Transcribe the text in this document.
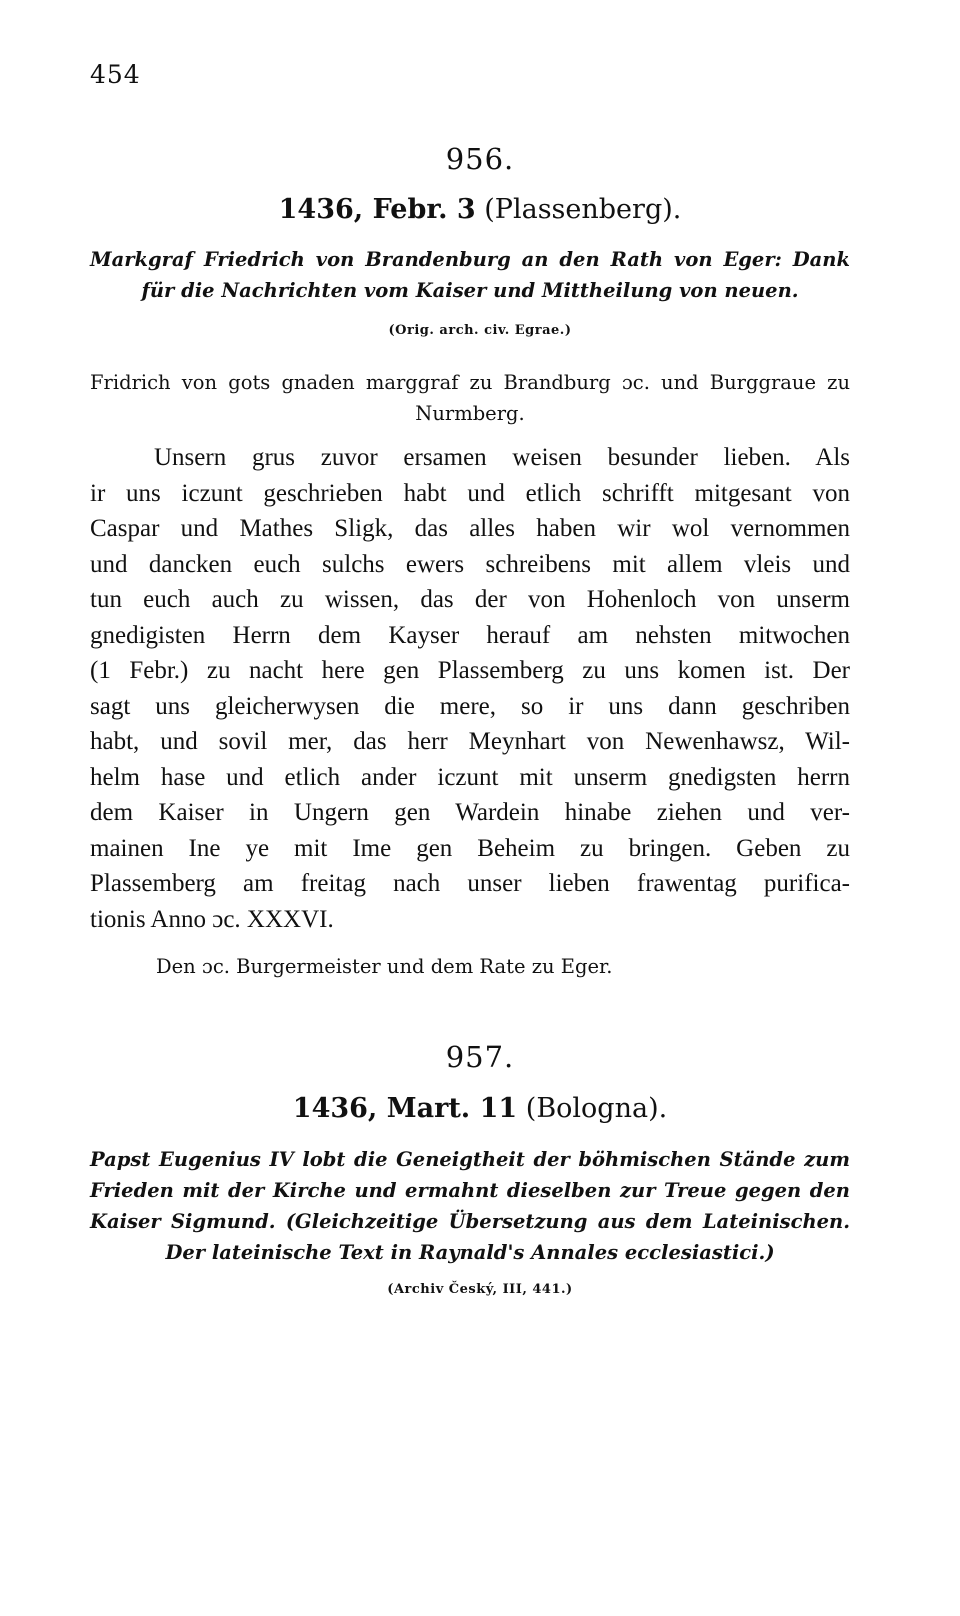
454
956.
1436, Febr. 3 (Plassenberg).
Markgraf Friedrich von Brandenburg an den Rath von Eger: Dank für die Nachrichten vom Kaiser und Mittheilung von neuen.
(Orig. arch. civ. Egrae.)
Fridrich von gots gnaden marggraf zu Brandburg ɔc. und Burggraue zu Nurmberg.
Unsern grus zuvor ersamen weisen besunder lieben. Als
ir uns iczunt geschrieben habt und etlich schrifft mitgesant von
Caspar und Mathes Sligk, das alles haben wir wol vernommen
und dancken euch sulchs ewers schreibens mit allem vleis und
tun euch auch zu wissen, das der von Hohenloch von unserm
gnedigisten Herrn dem Kayser herauf am nehsten mitwochen
(1 Febr.) zu nacht here gen Plassemberg zu uns komen ist. Der
sagt uns gleicherwysen die mere, so ir uns dann geschriben
habt, und sovil mer, das herr Meynhart von Newenhawsz, Wil-
helm hase und etlich ander iczunt mit unserm gnedigsten herrn
dem Kaiser in Ungern gen Wardein hinabe ziehen und ver-
mainen Ine ye mit Ime gen Beheim zu bringen. Geben zu
Plassemberg am freitag nach unser lieben frawentag purifica-
tionis Anno ɔc. XXXVI.
Den ɔc. Burgermeister und dem Rate zu Eger.
957.
1436, Mart. 11 (Bologna).
Papst Eugenius IV lobt die Geneigtheit der böhmischen Stände zum Frieden mit der Kirche und ermahnt dieselben zur Treue gegen den Kaiser Sigmund. (Gleichzeitige Übersetzung aus dem Lateinischen. Der lateinische Text in Raynald's Annales ecclesiastici.)
(Archiv Český, III, 441.)
